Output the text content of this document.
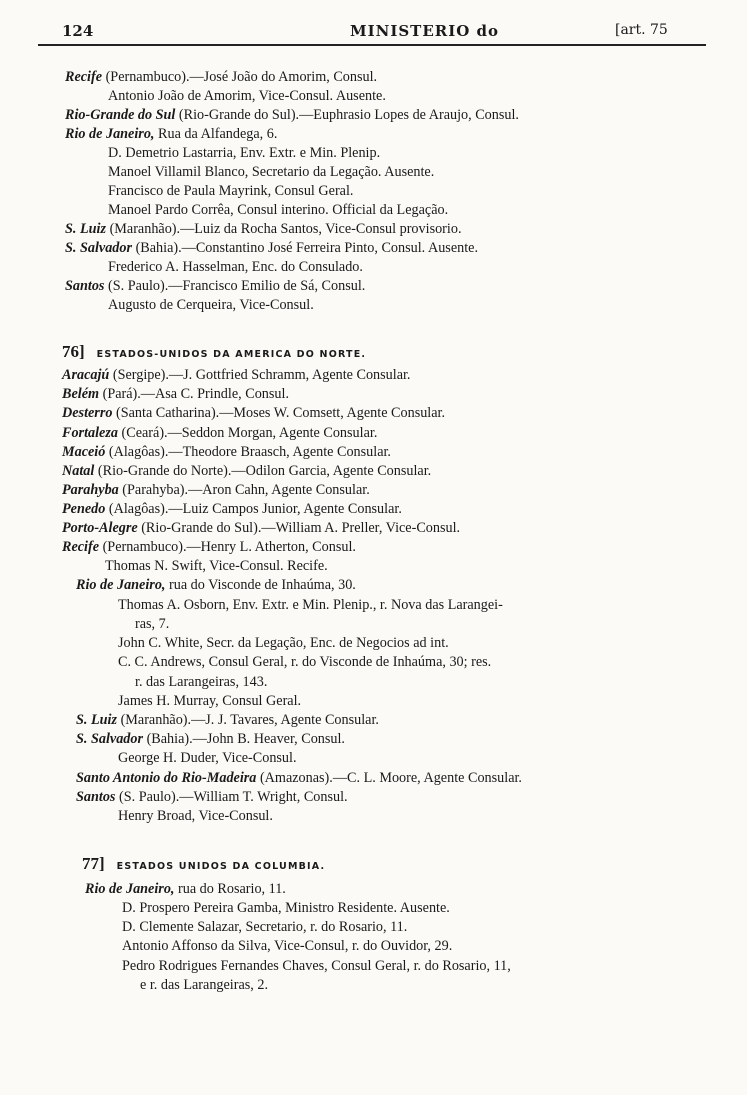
124	MINISTERIO do	[art. 75
Recife (Pernambuco).—José João do Amorim, Consul.
Antonio João de Amorim, Vice-Consul. Ausente.
Rio-Grande do Sul (Rio-Grande do Sul).—Euphrasio Lopes de Araujo, Consul.
Rio de Janeiro, Rua da Alfandega, 6.
D. Demetrio Lastarria, Env. Extr. e Min. Plenip.
Manoel Villamil Blanco, Secretario da Legação. Ausente.
Francisco de Paula Mayrink, Consul Geral.
Manoel Pardo Corrêa, Consul interino. Official da Legação.
S. Luiz (Maranhão).—Luiz da Rocha Santos, Vice-Consul provisorio.
S. Salvador (Bahia).—Constantino José Ferreira Pinto, Consul. Ausente.
Frederico A. Hasselman, Enc. do Consulado.
Santos (S. Paulo).—Francisco Emilio de Sá, Consul.
Augusto de Cerqueira, Vice-Consul.
76] ESTADOS-UNIDOS DA AMERICA DO NORTE.
Aracajú (Sergipe).—J. Gottfried Schramm, Agente Consular.
Belém (Pará).—Asa C. Prindle, Consul.
Desterro (Santa Catharina).—Moses W. Comsett, Agente Consular.
Fortaleza (Ceará).—Seddon Morgan, Agente Consular.
Maceió (Alagôas).—Theodore Braasch, Agente Consular.
Natal (Rio-Grande do Norte).—Odilon Garcia, Agente Consular.
Parahyba (Parahyba).—Aron Cahn, Agente Consular.
Penedo (Alagôas).—Luiz Campos Junior, Agente Consular.
Porto-Alegre (Rio-Grande do Sul).—William A. Preller, Vice-Consul.
Recife (Pernambuco).—Henry L. Atherton, Consul.
Thomas N. Swift, Vice-Consul. Recife.
Rio de Janeiro, rua do Visconde de Inhaúma, 30.
Thomas A. Osborn, Env. Extr. e Min. Plenip., r. Nova das Larangei-
ras, 7.
John C. White, Secr. da Legação, Enc. de Negocios ad int.
C. C. Andrews, Consul Geral, r. do Visconde de Inhaúma, 30; res.
r. das Larangeiras, 143.
James H. Murray, Consul Geral.
S. Luiz (Maranhão).—J. J. Tavares, Agente Consular.
S. Salvador (Bahia).—John B. Heaver, Consul.
George H. Duder, Vice-Consul.
Santo Antonio do Rio-Madeira (Amazonas).—C. L. Moore, Agente Consular.
Santos (S. Paulo).—William T. Wright, Consul.
Henry Broad, Vice-Consul.
77] ESTADOS UNIDOS DA COLUMBIA.
Rio de Janeiro, rua do Rosario, 11.
D. Prospero Pereira Gamba, Ministro Residente. Ausente.
D. Clemente Salazar, Secretario, r. do Rosario, 11.
Antonio Affonso da Silva, Vice-Consul, r. do Ouvidor, 29.
Pedro Rodrigues Fernandes Chaves, Consul Geral, r. do Rosario, 11,
e r. das Larangeiras, 2.
